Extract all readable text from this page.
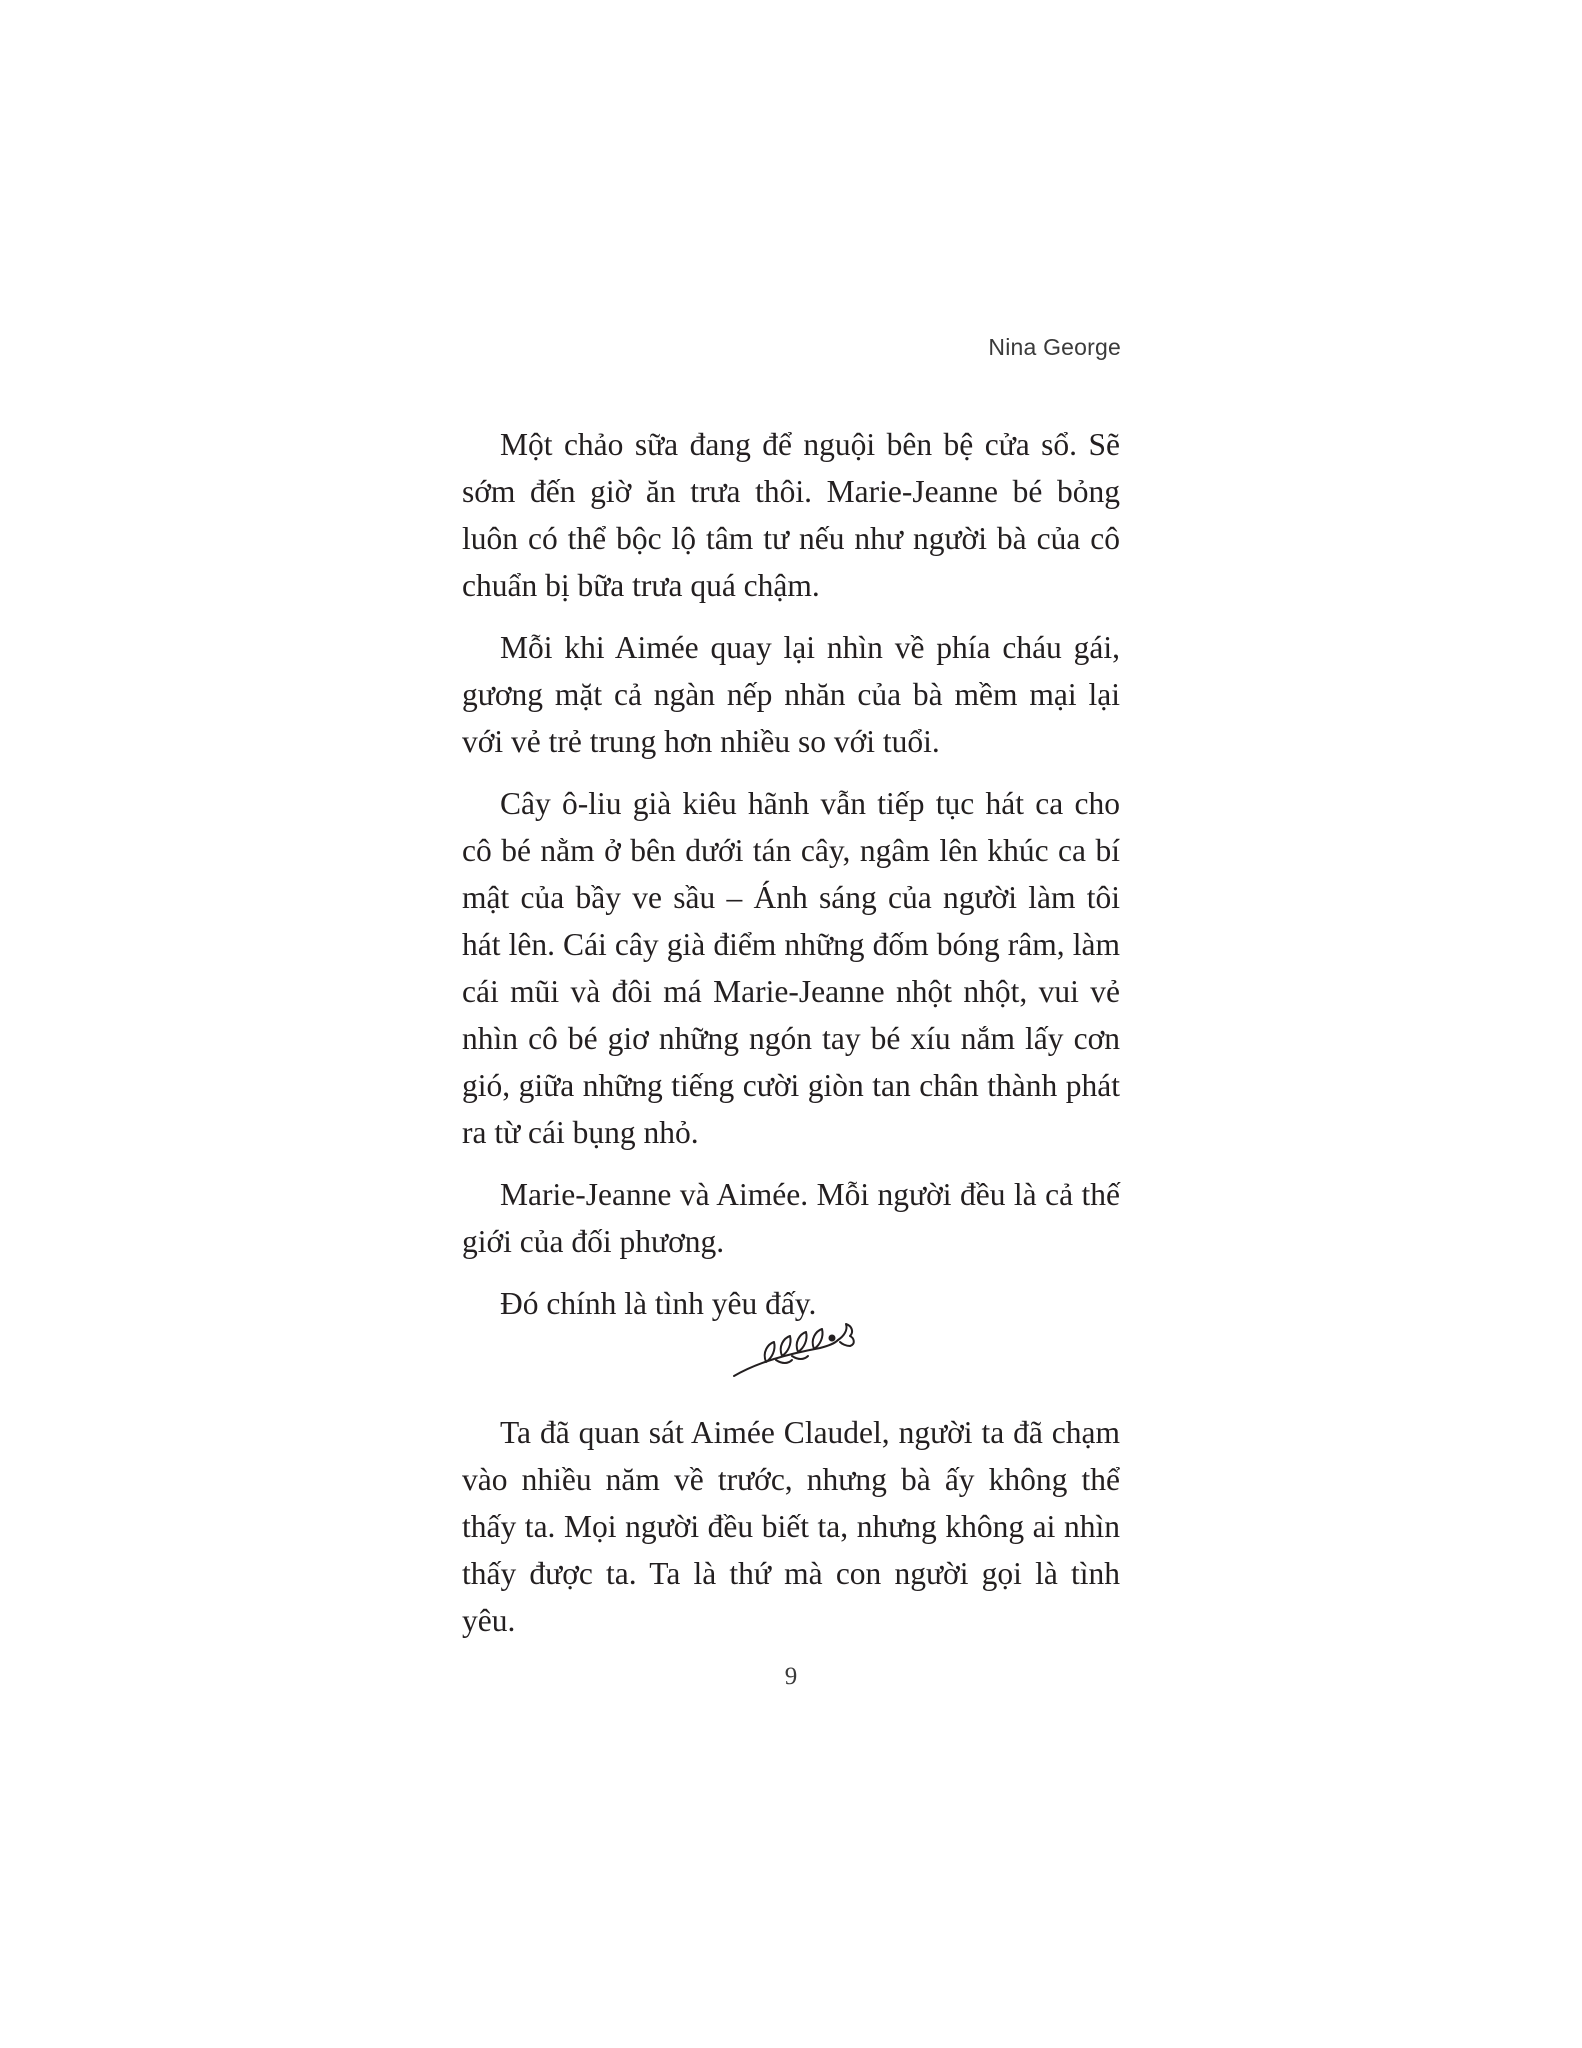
Nina George

Một chảo sữa đang để nguội bên bệ cửa sổ. Sẽ sớm đến giờ ăn trưa thôi. Marie-Jeanne bé bỏng luôn có thể bộc lộ tâm tư nếu như người bà của cô chuẩn bị bữa trưa quá chậm.

Mỗi khi Aimée quay lại nhìn về phía cháu gái, gương mặt cả ngàn nếp nhăn của bà mềm mại lại với vẻ trẻ trung hơn nhiều so với tuổi.

Cây ô-liu già kiêu hãnh vẫn tiếp tục hát ca cho cô bé nằm ở bên dưới tán cây, ngâm lên khúc ca bí mật của bầy ve sầu – Ánh sáng của người làm tôi hát lên. Cái cây già điểm những đốm bóng râm, làm cái mũi và đôi má Marie-Jeanne nhột nhột, vui vẻ nhìn cô bé giơ những ngón tay bé xíu nắm lấy cơn gió, giữa những tiếng cười giòn tan chân thành phát ra từ cái bụng nhỏ.

Marie-Jeanne và Aimée. Mỗi người đều là cả thế giới của đối phương.

Đó chính là tình yêu đấy.

Ta đã quan sát Aimée Claudel, người ta đã chạm vào nhiều năm về trước, nhưng bà ấy không thể thấy ta. Mọi người đều biết ta, nhưng không ai nhìn thấy được ta. Ta là thứ mà con người gọi là tình yêu.

9
